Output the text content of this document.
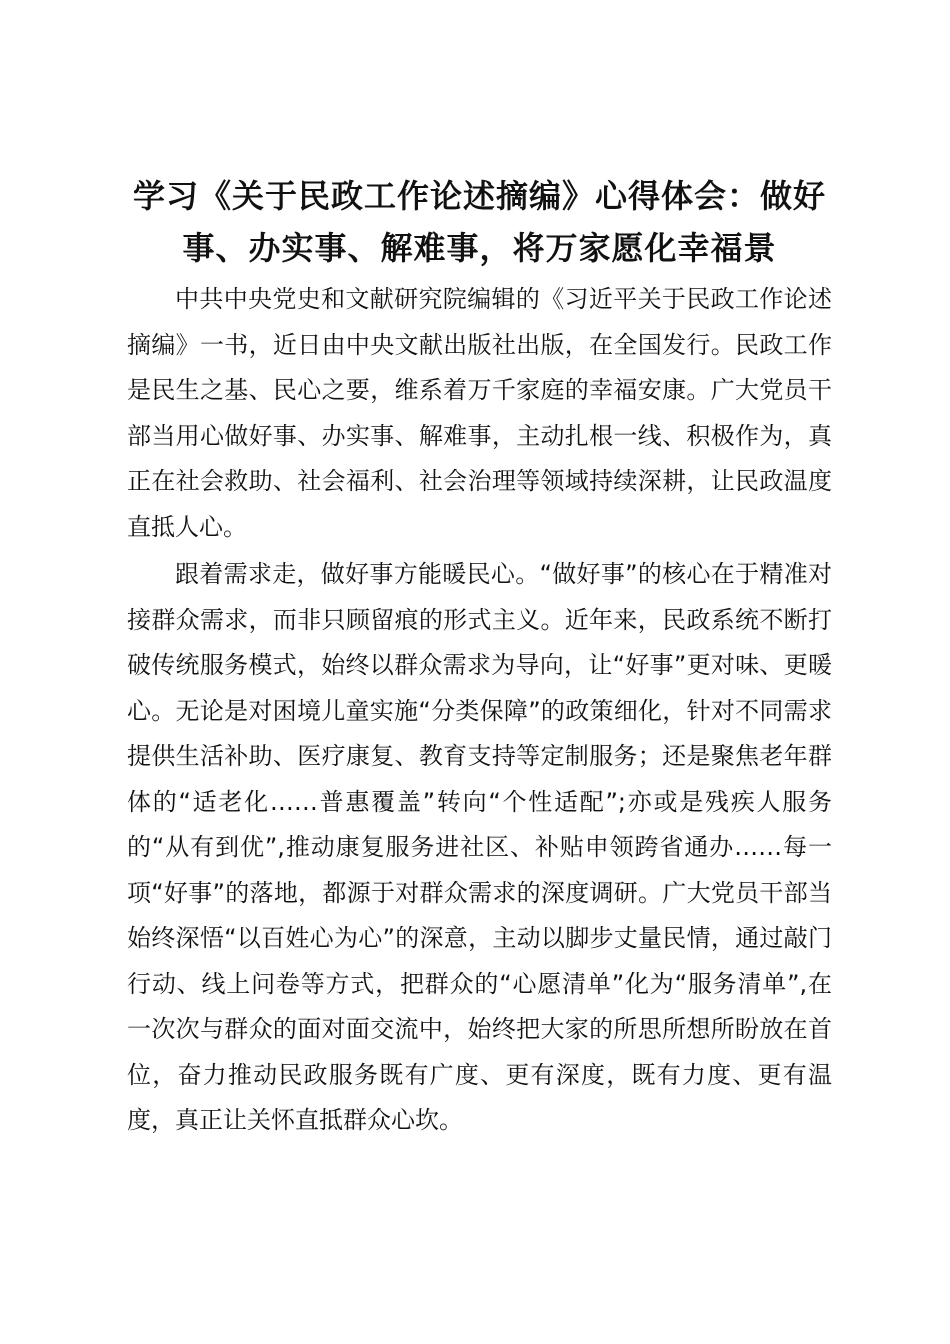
学习《关于民政工作论述摘编》心得体会：做好事、办实事、解难事，将万家愿化幸福景

中共中央党史和文献研究院编辑的《习近平关于民政工作论述摘编》一书，近日由中央文献出版社出版，在全国发行。民政工作是民生之基、民心之要，维系着万千家庭的幸福安康。广大党员干部当用心做好事、办实事、解难事，主动扎根一线、积极作为，真正在社会救助、社会福利、社会治理等领域持续深耕，让民政温度直抵人心。

跟着需求走，做好事方能暖民心。“做好事”的核心在于精准对接群众需求，而非只顾留痕的形式主义。近年来，民政系统不断打破传统服务模式，始终以群众需求为导向，让“好事”更对味、更暖心。无论是对困境儿童实施“分类保障”的政策细化，针对不同需求提供生活补助、医疗康复、教育支持等定制服务；还是聚焦老年群体的“适老化……普惠覆盖”转向“个性适配”;亦或是残疾人服务的“从有到优”,推动康复服务进社区、补贴申领跨省通办……每一项“好事”的落地，都源于对群众需求的深度调研。广大党员干部当始终深悟“以百姓心为心”的深意，主动以脚步丈量民情，通过敲门行动、线上问卷等方式，把群众的“心愿清单”化为“服务清单”,在一次次与群众的面对面交流中，始终把大家的所思所想所盼放在首位，奋力推动民政服务既有广度、更有深度，既有力度、更有温度，真正让关怀直抵群众心坎。
